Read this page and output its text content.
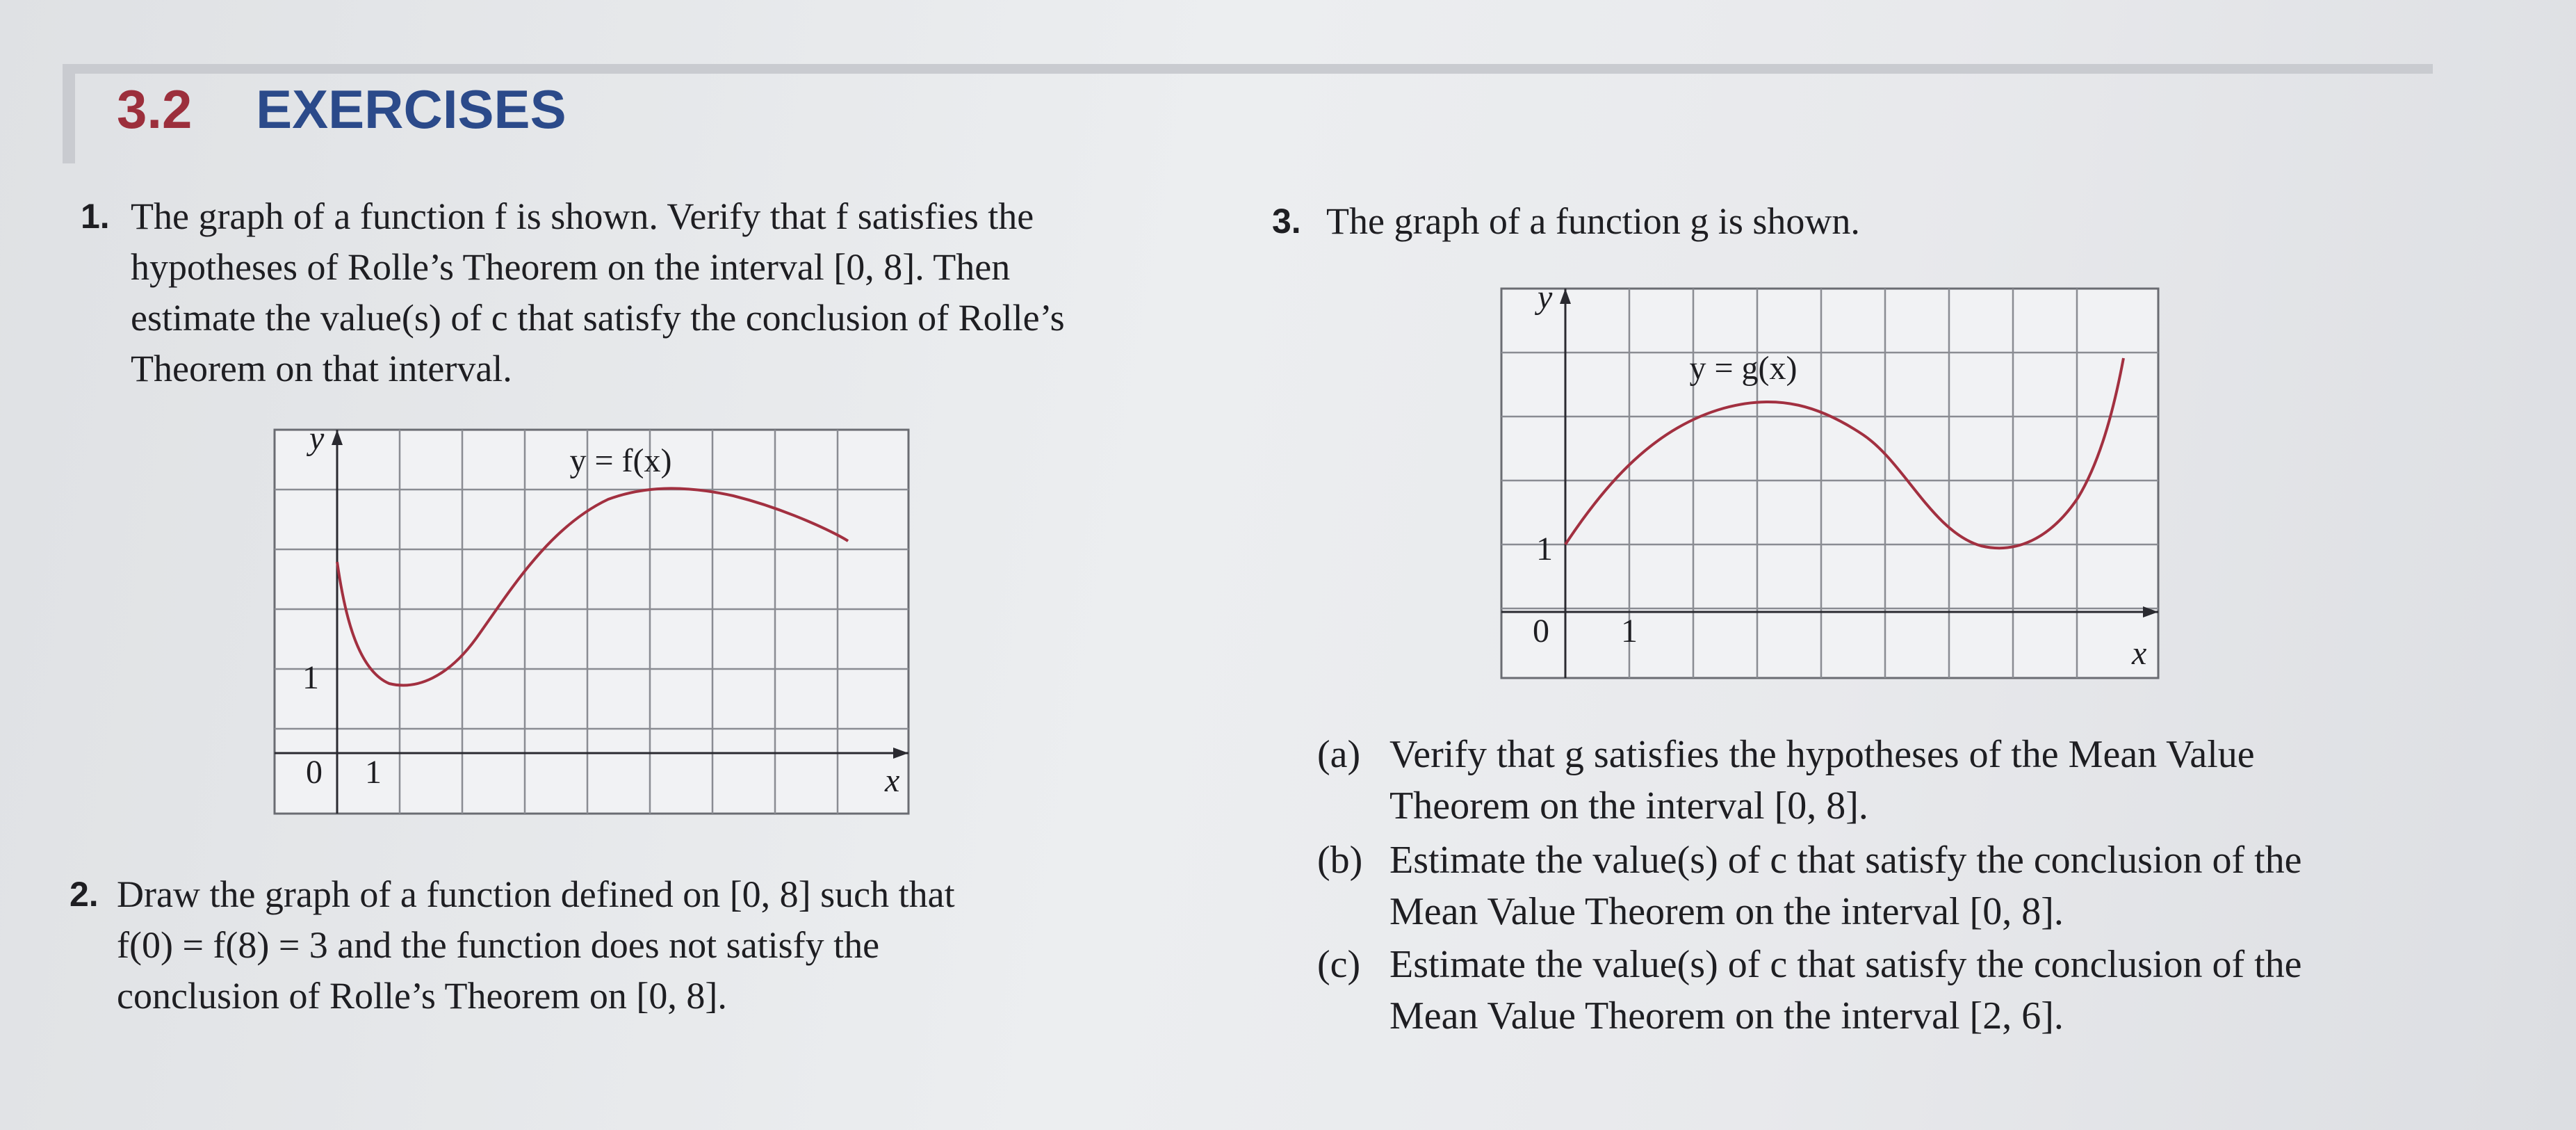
3.2 EXERCISES
1. The graph of a function f is shown. Verify that f satisfies the
hypotheses of Rolle’s Theorem on the interval [0, 8]. Then
estimate the value(s) of c that satisfy the conclusion of Rolle’s
Theorem on that interval.
y
x
y = f(x)
0 1
1
2. Draw the graph of a function defined on [0, 8] such that
f(0) = f(8) = 3 and the function does not satisfy the
conclusion of Rolle’s Theorem on [0, 8].
3. The graph of a function g is shown.
y
x
y = g(x)
0 1
1
(a) Verify that g satisfies the hypotheses of the Mean Value
Theorem on the interval [0, 8].
(b) Estimate the value(s) of c that satisfy the conclusion of the
Mean Value Theorem on the interval [0, 8].
(c) Estimate the value(s) of c that satisfy the conclusion of the
Mean Value Theorem on the interval [2, 6].
